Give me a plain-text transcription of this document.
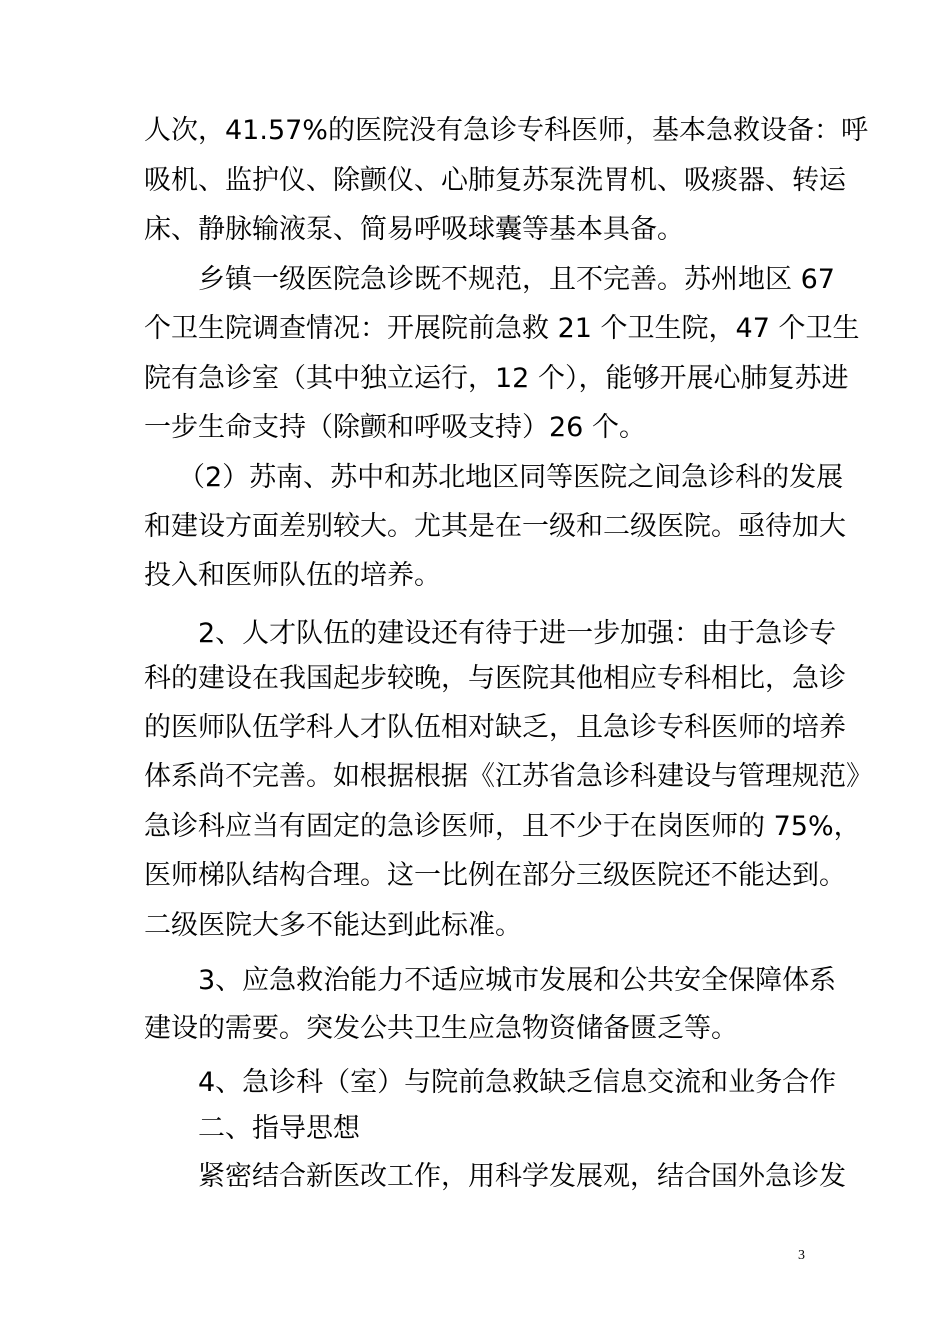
人次，41.57%的医院没有急诊专科医师，基本急救设备：呼
吸机、监护仪、除颤仪、心肺复苏泵洗胃机、吸痰器、转运
床、静脉输液泵、简易呼吸球囊等基本具备。
乡镇一级医院急诊既不规范，且不完善。苏州地区 67
个卫生院调查情况：开展院前急救 21 个卫生院，47 个卫生
院有急诊室（其中独立运行，12 个），能够开展心肺复苏进
一步生命支持（除颤和呼吸支持）26 个。
（2）苏南、苏中和苏北地区同等医院之间急诊科的发展
和建设方面差别较大。尤其是在一级和二级医院。亟待加大
投入和医师队伍的培养。
2、人才队伍的建设还有待于进一步加强：由于急诊专
科的建设在我国起步较晚，与医院其他相应专科相比，急诊
的医师队伍学科人才队伍相对缺乏，且急诊专科医师的培养
体系尚不完善。如根据根据《江苏省急诊科建设与管理规范》
急诊科应当有固定的急诊医师，且不少于在岗医师的 75%，
医师梯队结构合理。这一比例在部分三级医院还不能达到。
二级医院大多不能达到此标准。
3、应急救治能力不适应城市发展和公共安全保障体系
建设的需要。突发公共卫生应急物资储备匮乏等。
4、急诊科（室）与院前急救缺乏信息交流和业务合作
二、指导思想
紧密结合新医改工作，用科学发展观，结合国外急诊发
3
